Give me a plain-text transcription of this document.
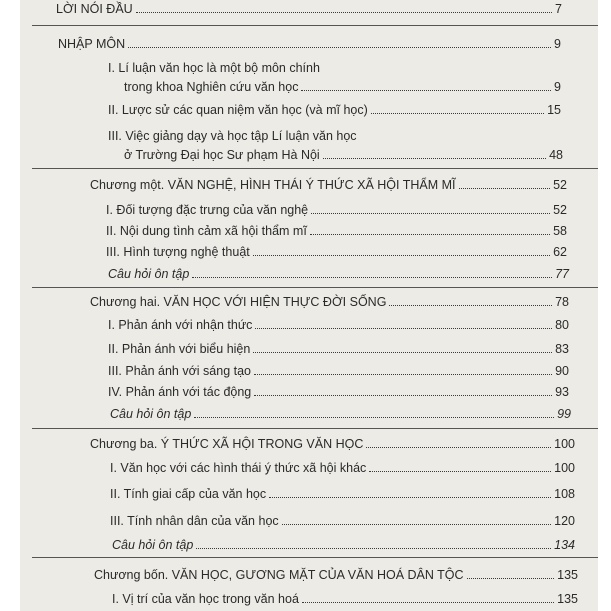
LỜI NÓI ĐẦU	7
NHẬP MÔN	9
I. Lí luận văn học là một bộ môn chính
trong khoa Nghiên cứu văn học	9
II. Lược sử các quan niệm văn học (và mĩ học)	15
III. Việc giảng dạy và học tập Lí luận văn học
ở Trường Đại học Sư phạm Hà Nội	48
Chương một. VĂN NGHỆ, HÌNH THÁI Ý THỨC XÃ HỘI THẨM MĨ	52
I. Đối tượng đặc trưng của văn nghệ	52
II. Nội dung tình cảm xã hội thẩm mĩ	58
III. Hình tượng nghệ thuật	62
Câu hỏi ôn tập	77
Chương hai. VĂN HỌC VỚI HIỆN THỰC ĐỜI SỐNG	78
I. Phản ánh với nhận thức	80
II. Phản ánh với biểu hiện	83
III. Phản ánh với sáng tạo	90
IV. Phản ánh với tác động	93
Câu hỏi ôn tập	99
Chương ba. Ý THỨC XÃ HỘI TRONG VĂN HỌC	100
I. Văn học với các hình thái ý thức xã hội khác	100
II. Tính giai cấp của văn học	108
III. Tính nhân dân của văn học	120
Câu hỏi ôn tập	134
Chương bốn. VĂN HỌC, GƯƠNG MẶT CỦA VĂN HOÁ DÂN TỘC	135
I. Vị trí của văn học trong văn hoá	135
